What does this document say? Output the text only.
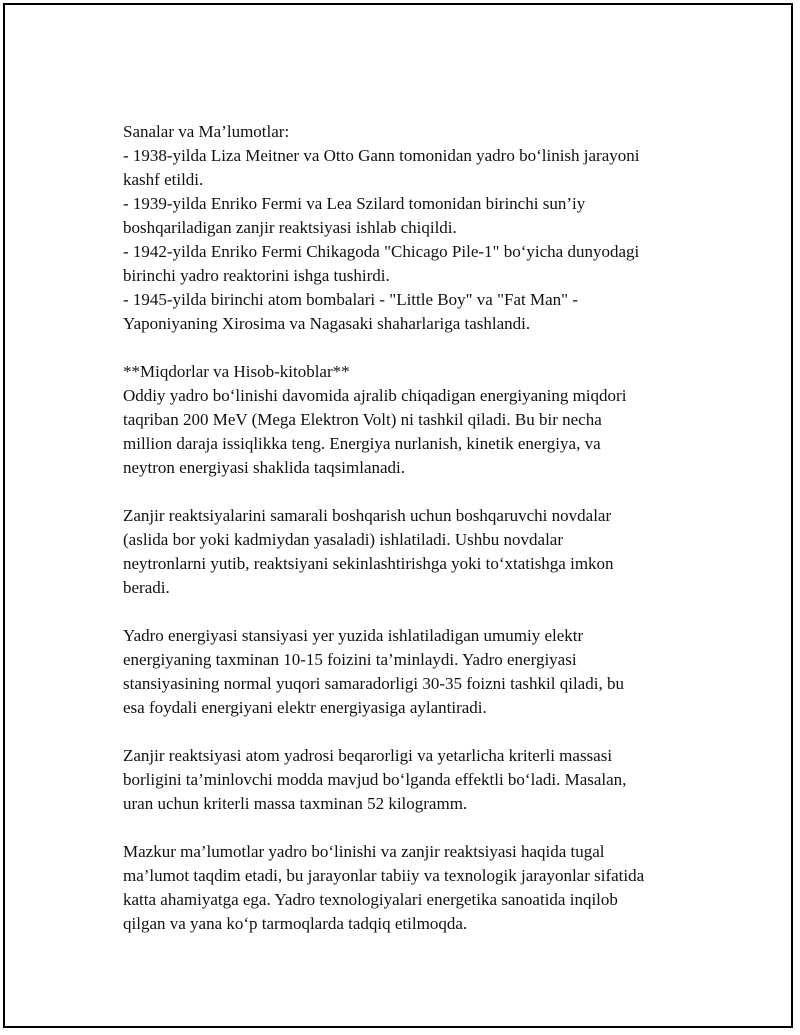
Sanalar va Ma’lumotlar:

- 1938-yilda Liza Meitner va Otto Gann tomonidan yadro bo‘linish jarayoni

kashf etildi.

- 1939-yilda Enriko Fermi va Lea Szilard tomonidan birinchi sun’iy

boshqariladigan zanjir reaktsiyasi ishlab chiqildi.

- 1942-yilda Enriko Fermi Chikagoda "Chicago Pile-1" bo‘yicha dunyodagi

birinchi yadro reaktorini ishga tushirdi.

- 1945-yilda birinchi atom bombalari - "Little Boy" va "Fat Man" -

Yaponiyaning Xirosima va Nagasaki shaharlariga tashlandi.

**Miqdorlar va Hisob-kitoblar**

Oddiy yadro bo‘linishi davomida ajralib chiqadigan energiyaning miqdori

taqriban 200 MeV (Mega Elektron Volt) ni tashkil qiladi. Bu bir necha

million daraja issiqlikka teng. Energiya nurlanish, kinetik energiya, va

neytron energiyasi shaklida taqsimlanadi.

Zanjir reaktsiyalarini samarali boshqarish uchun boshqaruvchi novdalar

(aslida bor yoki kadmiydan yasaladi) ishlatiladi. Ushbu novdalar

neytronlarni yutib, reaktsiyani sekinlashtirishga yoki to‘xtatishga imkon

beradi.

Yadro energiyasi stansiyasi yer yuzida ishlatiladigan umumiy elektr

energiyaning taxminan 10-15 foizini ta’minlaydi. Yadro energiyasi

stansiyasining normal yuqori samaradorligi 30-35 foizni tashkil qiladi, bu

esa foydali energiyani elektr energiyasiga aylantiradi.

Zanjir reaktsiyasi atom yadrosi beqarorligi va yetarlicha kriterli massasi

borligini ta’minlovchi modda mavjud bo‘lganda effektli bo‘ladi. Masalan,

uran uchun kriterli massa taxminan 52 kilogramm.

Mazkur ma’lumotlar yadro bo‘linishi va zanjir reaktsiyasi haqida tugal

ma’lumot taqdim etadi, bu jarayonlar tabiiy va texnologik jarayonlar sifatida

katta ahamiyatga ega. Yadro texnologiyalari energetika sanoatida inqilob

qilgan va yana ko‘p tarmoqlarda tadqiq etilmoqda.
